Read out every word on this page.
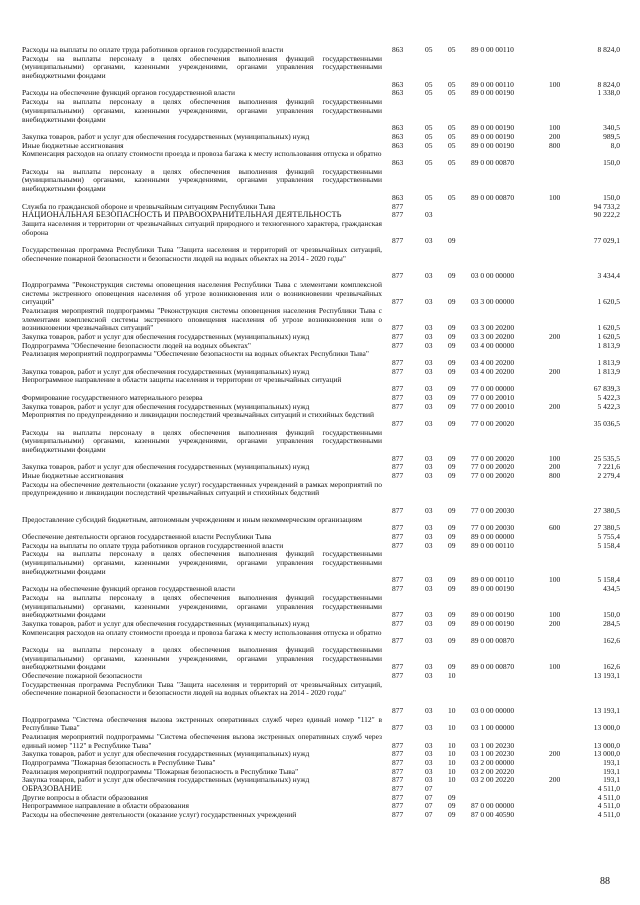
Расходы на выплаты по оплате труда работников органов государственной власти	863	05	05	89 0 00 00110	8 824,0
Расходы на выплаты персоналу в целях обеспечения выполнения функций государственными (муниципальными) органами, казенными учреждениями, органами управления государственными внебюджетными фондами
863	05	05	89 0 00 00110	100	8 824,0
Расходы на обеспечение функций органов государственной власти	863	05	05	89 0 00 00190	1 338,0
Расходы на выплаты персоналу в целях обеспечения выполнения функций государственными (муниципальными) органами, казенными учреждениями, органами управления государственными внебюджетными фондами
863	05	05	89 0 00 00190	100	340,5
Закупка товаров, работ и услуг для обеспечения государственных (муниципальных) нужд	863	05	05	89 0 00 00190	200	989,5
Иные бюджетные ассигнования	863	05	05	89 0 00 00190	800	8,0
Компенсация расходов на оплату стоимости проезда и провоза багажа к месту использования отпуска и обратно
863	05	05	89 0 00 00870	150,0
Расходы на выплаты персоналу в целях обеспечения выполнения функций государственными (муниципальными) органами, казенными учреждениями, органами управления государственными внебюджетными фондами
863	05	05	89 0 00 00870	100	150,0
Служба по гражданской обороне и чрезвычайным ситуациям Республики Тыва	877	94 733,2
НАЦИОНАЛЬНАЯ БЕЗОПАСНОСТЬ И ПРАВООХРАНИТЕЛЬНАЯ ДЕЯТЕЛЬНОСТЬ	877	03	90 222,2
Защита населения и территории от чрезвычайных ситуаций природного и техногенного характера, гражданская оборона
877	03	09	77 029,1
Государственная программа Республики Тыва "Защита населения и территорий от чрезвычайных ситуаций, обеспечение пожарной безопасности и безопасности людей на водных объектах на 2014 - 2020 годы"
877	03	09	03 0 00 00000	3 434,4
Подпрограмма "Реконструкция системы оповещения населения Республики Тыва с элементами комплексной системы экстренного оповещения населения об угрозе возникновения или о возникновении чрезвычайных ситуаций"	877	03	09	03 3 00 00000	1 620,5
Реализация мероприятий подпрограммы "Реконструкция системы оповещения населения Республики Тыва с элементами комплексной системы экстренного оповещения населения об угрозе возникновения или о возникновении чрезвычайных ситуаций"	877	03	09	03 3 00 20200	1 620,5
Закупка товаров, работ и услуг для обеспечения государственных (муниципальных) нужд	877	03	09	03 3 00 20200	200	1 620,5
Подпрограмма "Обеспечение безопасности людей на водных объектах"	877	03	09	03 4 00 00000	1 813,9
Реализация мероприятий подпрограммы "Обеспечение безопасности на водных объектах Республики Тыва"
877	03	09	03 4 00 20200	1 813,9
Закупка товаров, работ и услуг для обеспечения государственных (муниципальных) нужд	877	03	09	03 4 00 20200	200	1 813,9
Непрограммное направление в области защиты населения и территории от чрезвычайных ситуаций
877	03	09	77 0 00 00000	67 839,3
Формирование государственного материального резерва	877	03	09	77 0 00 20010	5 422,3
Закупка товаров, работ и услуг для обеспечения государственных (муниципальных) нужд	877	03	09	77 0 00 20010	200	5 422,3
Мероприятия по предупреждению и ликвидации последствий чрезвычайных ситуаций и стихийных бедствий
877	03	09	77 0 00 20020	35 036,5
Расходы на выплаты персоналу в целях обеспечения выполнения функций государственными (муниципальными) органами, казенными учреждениями, органами управления государственными внебюджетными фондами
877	03	09	77 0 00 20020	100	25 535,5
Закупка товаров, работ и услуг для обеспечения государственных (муниципальных) нужд	877	03	09	77 0 00 20020	200	7 221,6
Иные бюджетные ассигнования	877	03	09	77 0 00 20020	800	2 279,4
Расходы на обеспечение деятельности (оказание услуг) государственных учреждений в рамках мероприятий по предупреждению и ликвидации последствий чрезвычайных ситуаций и стихийных бедствий
877	03	09	77 0 00 20030	27 380,5
Предоставление субсидий бюджетным, автономным учреждениям и иным некоммерческим организациям
877	03	09	77 0 00 20030	600	27 380,5
Обеспечение деятельности органов государственной власти Республики Тыва	877	03	09	89 0 00 00000	5 755,4
Расходы на выплаты по оплате труда работников органов государственной власти	877	03	09	89 0 00 00110	5 158,4
Расходы на выплаты персоналу в целях обеспечения выполнения функций государственными (муниципальными) органами, казенными учреждениями, органами управления государственными внебюджетными фондами
877	03	09	89 0 00 00110	100	5 158,4
Расходы на обеспечение функций органов государственной власти	877	03	09	89 0 00 00190	434,5
Расходы на выплаты персоналу в целях обеспечения выполнения функций государственными (муниципальными) органами, казенными учреждениями, органами управления государственными внебюджетными фондами	877	03	09	89 0 00 00190	100	150,0
Закупка товаров, работ и услуг для обеспечения государственных (муниципальных) нужд	877	03	09	89 0 00 00190	200	284,5
Компенсация расходов на оплату стоимости проезда и провоза багажа к месту использования отпуска и обратно
877	03	09	89 0 00 00870	162,6
Расходы на выплаты персоналу в целях обеспечения выполнения функций государственными (муниципальными) органами, казенными учреждениями, органами управления государственными внебюджетными фондами	877	03	09	89 0 00 00870	100	162,6
Обеспечение пожарной безопасности	877	03	10	13 193,1
Государственная программа Республики Тыва "Защита населения и территорий от чрезвычайных ситуаций, обеспечение пожарной безопасности и безопасности людей на водных объектах на 2014 - 2020 годы"
877	03	10	03 0 00 00000	13 193,1
Подпрограмма "Система обеспечения вызова экстренных оперативных служб через единый номер "112" в Республике Тыва"	877	03	10	03 1 00 00000	13 000,0
Реализация мероприятий подпрограммы "Система обеспечения вызова экстренных оперативных служб через единый номер "112" в Республике Тыва"	877	03	10	03 1 00 20230	13 000,0
Закупка товаров, работ и услуг для обеспечения государственных (муниципальных) нужд	877	03	10	03 1 00 20230	200	13 000,0
Подпрограмма "Пожарная безопасность в Республике Тыва"	877	03	10	03 2 00 00000	193,1
Реализация мероприятий подпрограммы "Пожарная безопасность в Республике Тыва"	877	03	10	03 2 00 20220	193,1
Закупка товаров, работ и услуг для обеспечения государственных (муниципальных) нужд	877	03	10	03 2 00 20220	200	193,1
ОБРАЗОВАНИЕ	877	07	4 511,0
Другие вопросы в области образования	877	07	09	4 511,0
Непрограммное направление в области образования	877	07	09	87 0 00 00000	4 511,0
Расходы на обеспечение деятельности (оказание услуг) государственных учреждений	877	07	09	87 0 00 40590	4 511,0
88
